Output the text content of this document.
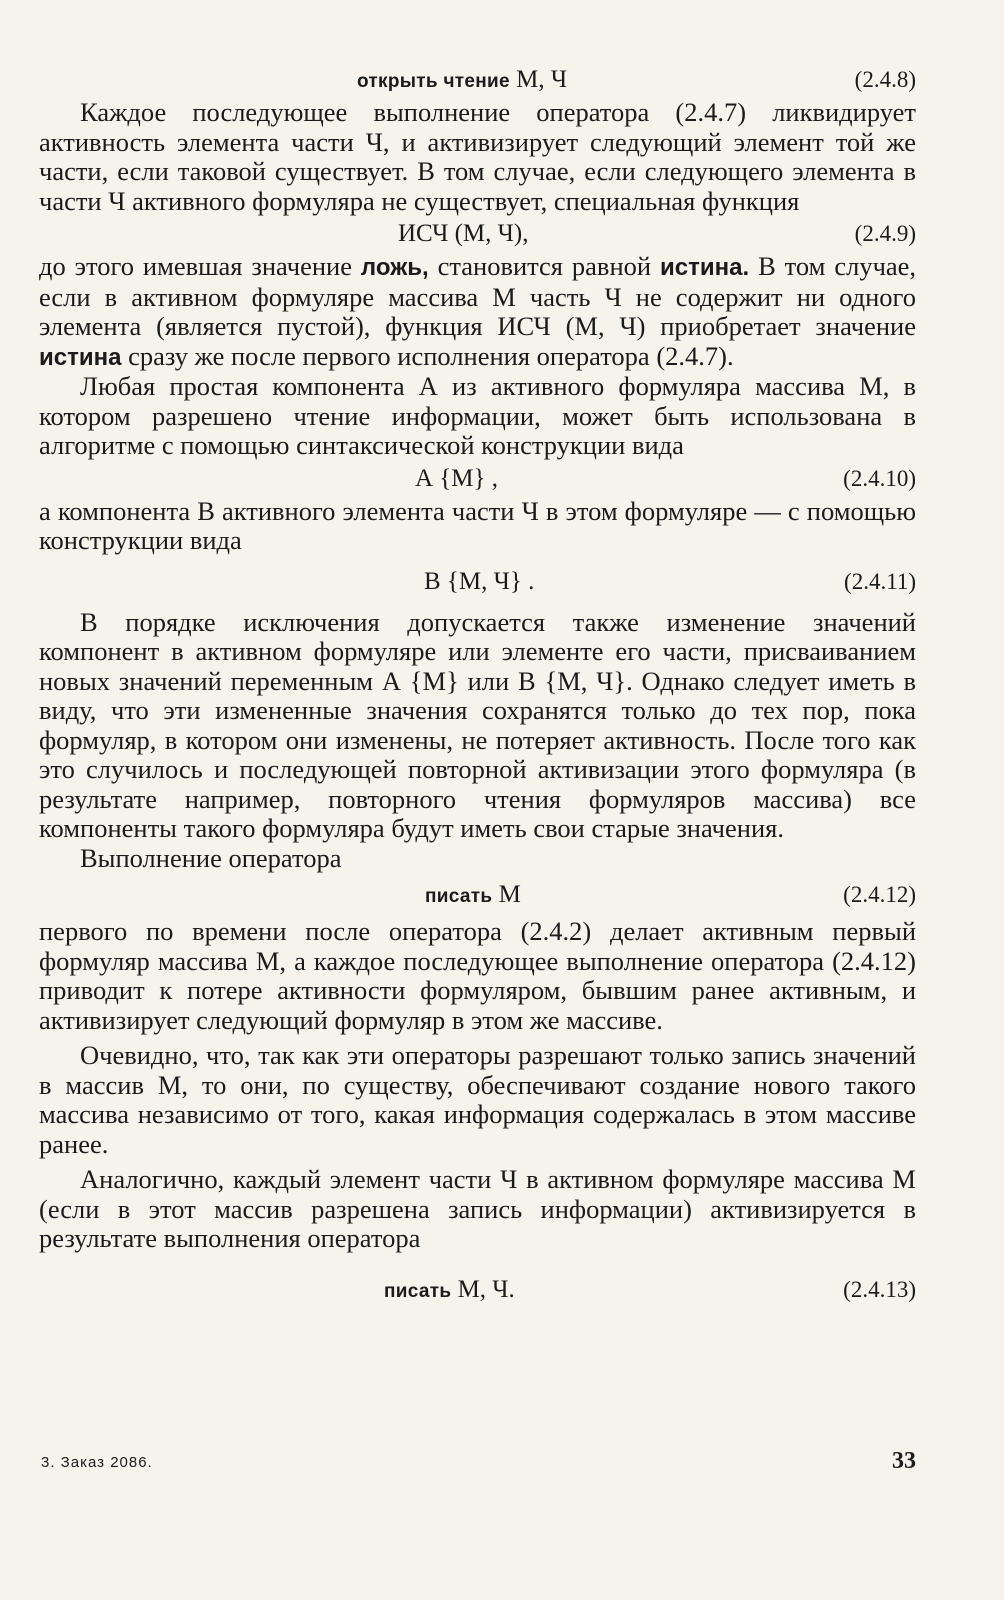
открыть чтение М, Ч	(2.4.8)

Каждое последующее выполнение оператора (2.4.7) ликвидирует активность элемента части Ч, и активизирует следующий элемент той же части, если таковой существует. В том случае, если следующего элемента в части Ч активного формуляра не существует, специальная функция

ИСЧ (М, Ч),	(2.4.9)

до этого имевшая значение ложь, становится равной истина. В том случае, если в активном формуляре массива М часть Ч не содержит ни одного элемента (является пустой), функция ИСЧ (М, Ч) приобретает значение истина сразу же после первого исполнения оператора (2.4.7).

Любая простая компонента А из активного формуляра массива М, в котором разрешено чтение информации, может быть использована в алгоритме с помощью синтаксической конструкции вида

А {М} ,	(2.4.10)

а компонента В активного элемента части Ч в этом формуляре — с помощью конструкции вида

В {М, Ч} .	(2.4.11)

В порядке исключения допускается также изменение значений компонент в активном формуляре или элементе его части, присваиванием новых значений переменным А {М} или В {М, Ч}. Однако следует иметь в виду, что эти измененные значения сохранятся только до тех пор, пока формуляр, в котором они изменены, не потеряет активность. После того как это случилось и последующей повторной активизации этого формуляра (в результате например, повторного чтения формуляров массива) все компоненты такого формуляра будут иметь свои старые значения.

Выполнение оператора

писать М	(2.4.12)

первого по времени после оператора (2.4.2) делает активным первый формуляр массива М, а каждое последующее выполнение оператора (2.4.12) приводит к потере активности формуляром, бывшим ранее активным, и активизирует следующий формуляр в этом же массиве.

Очевидно, что, так как эти операторы разрешают только запись значений в массив М, то они, по существу, обеспечивают создание нового такого массива независимо от того, какая информация содержалась в этом массиве ранее.

Аналогично, каждый элемент части Ч в активном формуляре массива М (если в этот массив разрешена запись информации) активизируется в результате выполнения оператора

писать М, Ч.	(2.4.13)
3. Заказ 2086.	33
